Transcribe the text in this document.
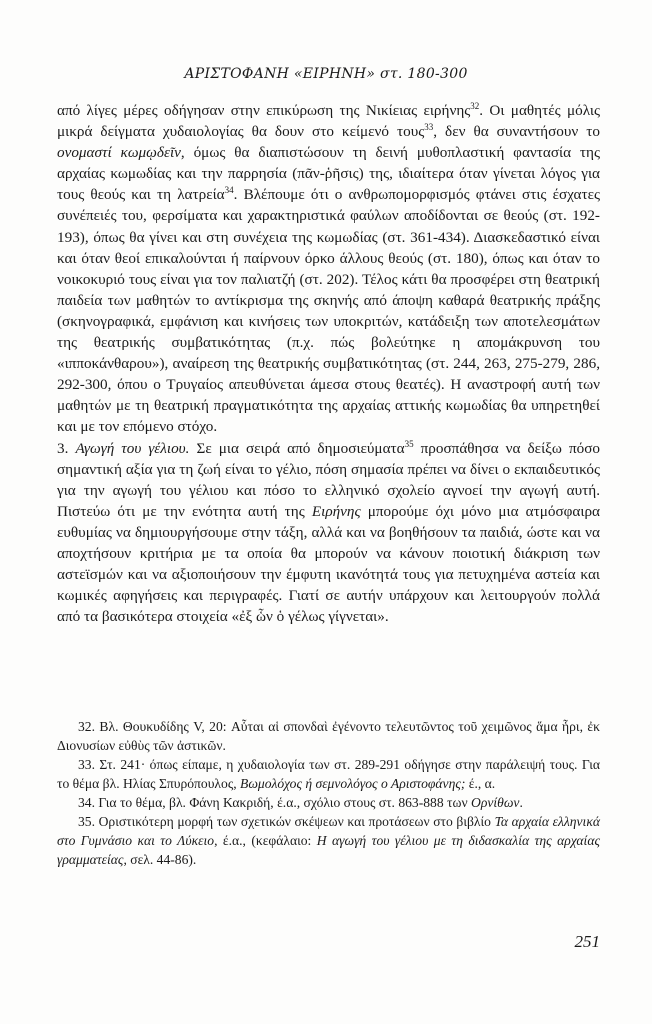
ΑΡΙΣΤΟΦΑΝΗ «ΕΙΡΗΝΗ» στ. 180-300

από λίγες μέρες οδήγησαν στην επικύρωση της Νικίειας ειρήνης$^{32}$. Οι μαθητές μόλις μικρά δείγματα χυδαιολογίας θα δουν στο κείμενό τους$^{33}$, δεν θα συναντήσουν το ονομαστί κωμῳδεῖν, όμως θα διαπιστώσουν τη δεινή μυθοπλαστική φαντασία της αρχαίας κωμωδίας και την παρρησία (πᾶν-ῥῆσις) της, ιδιαίτερα όταν γίνεται λόγος για τους θεούς και τη λατρεία$^{34}$. Βλέπουμε ότι ο ανθρωπομορφισμός φτάνει στις έσχατες συνέπειές του, φερσίματα και χαρακτηριστικά φαύλων αποδίδονται σε θεούς (στ. 192-193), όπως θα γίνει και στη συνέχεια της κωμωδίας (στ. 361-434). Διασκεδαστικό είναι και όταν θεοί επικαλούνται ή παίρνουν όρκο άλλους θεούς (στ. 180), όπως και όταν το νοικοκυριό τους είναι για τον παλιατζή (στ. 202). Τέλος κάτι θα προσφέρει στη θεατρική παιδεία των μαθητών το αντίκρισμα της σκηνής από άποψη καθαρά θεατρικής πράξης (σκηνογραφικά, εμφάνιση και κινήσεις των υποκριτών, κατάδειξη των αποτελεσμάτων της θεατρικής συμβατικότητας (π.χ. πώς βολεύτηκε η απομάκρυνση του «ιπποκάνθαρου»), αναίρεση της θεατρικής συμβατικότητας (στ. 244, 263, 275-279, 286, 292-300, όπου ο Τρυγαίος απευθύνεται άμεσα στους θεατές). Η αναστροφή αυτή των μαθητών με τη θεατρική πραγματικότητα της αρχαίας αττικής κωμωδίας θα υπηρετηθεί και με τον επόμενο στόχο.

3. Αγωγή του γέλιου. Σε μια σειρά από δημοσιεύματα$^{35}$ προσπάθησα να δείξω πόσο σημαντική αξία για τη ζωή είναι το γέλιο, πόση σημασία πρέπει να δίνει ο εκπαιδευτικός για την αγωγή του γέλιου και πόσο το ελληνικό σχολείο αγνοεί την αγωγή αυτή. Πιστεύω ότι με την ενότητα αυτή της Ειρήνης μπορούμε όχι μόνο μια ατμόσφαιρα ευθυμίας να δημιουργήσουμε στην τάξη, αλλά και να βοηθήσουν τα παιδιά, ώστε και να αποχτήσουν κριτήρια με τα οποία θα μπορούν να κάνουν ποιοτική διάκριση των αστεϊσμών και να αξιοποιήσουν την έμφυτη ικανότητά τους για πετυχημένα αστεία και κωμικές αφηγήσεις και περιγραφές. Γιατί σε αυτήν υπάρχουν και λειτουργούν πολλά από τα βασικότερα στοιχεία «ἐξ ὧν ὁ γέλως γίγνεται».

32. Βλ. Θουκυδίδης V, 20: Αὗται αἱ σπονδαὶ ἐγένοντο τελευτῶντος τοῦ χειμῶνος ἅμα ἦρι, ἐκ Διονυσίων εὐθὺς τῶν ἀστικῶν.

33. Στ. 241· όπως είπαμε, η χυδαιολογία των στ. 289-291 οδήγησε στην παράλειψή τους. Για το θέμα βλ. Ηλίας Σπυρόπουλος, Βωμολόχος ή σεμνολόγος ο Αριστοφάνης; έ., α.

34. Για το θέμα, βλ. Φάνη Κακριδή, έ.α., σχόλιο στους στ. 863-888 των Ορνίθων.

35. Οριστικότερη μορφή των σχετικών σκέψεων και προτάσεων στο βιβλίο Τα αρχαία ελληνικά στο Γυμνάσιο και το Λύκειο, έ.α., (κεφάλαιο: Η αγωγή του γέλιου με τη διδασκαλία της αρχαίας γραμματείας, σελ. 44-86).

251
